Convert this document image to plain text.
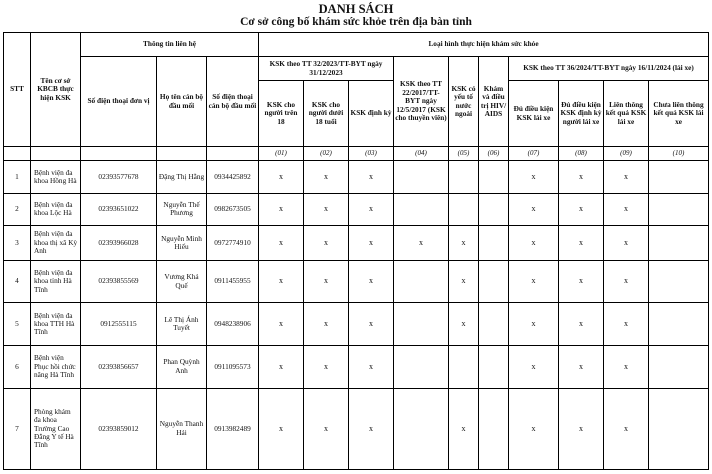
DANH SÁCH
Cơ sở công bố khám sức khỏe trên địa bàn tỉnh
STT	Tên cơ sở KBCB thực hiện KSK	Thông tin liên hệ			Loại hình thực hiện khám sức khỏe									
		Số điện thoại đơn vị	Họ tên cán bộ đầu mối	Số điện thoại cán bộ đầu mối	KSK theo TT 32/2023/TT-BYT ngày 31/12/2023			KSK theo TT 22/2017/TT-BYT ngày 12/5/2017 (KSK cho thuyền viên)	KSK có yếu tố nước ngoài	Khám và điều trị HIV/ AIDS	KSK theo TT 36/2024/TT-BYT ngày 16/11/2024 (lái xe)			
					KSK cho người trên 18	KSK cho người dưới 18 tuổi	KSK định kỳ				Đủ điều kiện KSK lái xe	Đủ điều kiện KSK định kỳ người lái xe	Liên thông kết quả KSK lái xe	Chưa liên thông kết quả KSK lái xe
					(01)	(02)	(03)	(04)	(05)	(06)	(07)	(08)	(09)	(10)
1	Bệnh viện đa khoa Hồng Hà	02393577678	Đặng Thị Hằng	0934425892	x	x	x				x	x	x	
2	Bệnh viện đa khoa Lộc Hà	02393651022	Nguyễn Thế Phương	0982673505	x	x	x				x	x	x	
3	Bệnh viện đa khoa thị xã Kỳ Anh	02393966028	Nguyễn Minh Hiếu	0972774910	x	x	x	x	x		x	x	x	
4	Bệnh viện đa khoa tỉnh Hà Tĩnh	02393855569	Vương Khả Quế	0911455955	x	x	x		x		x	x	x	
5	Bệnh viện đa khoa TTH Hà Tĩnh	0912555115	Lê Thị Ánh Tuyết	0948238906	x	x	x		x		x	x	x	
6	Bệnh viện Phục hồi chức năng Hà Tĩnh	02393856657	Phan Quỳnh Anh	0911095573	x	x	x				x	x	x	
7	Phòng khám đa khoa Trường Cao Đẳng Y tế Hà Tĩnh	02393859012	Nguyễn Thanh Hải	0913982489	x	x	x		x		x	x	x	
